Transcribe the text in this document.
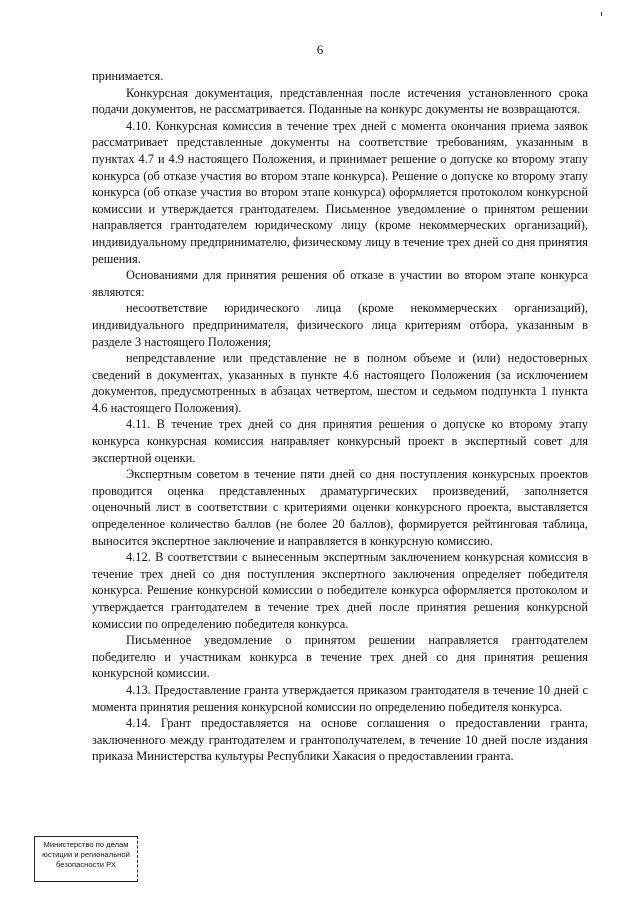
6

принимается.

Конкурсная документация, представленная после истечения установленного срока подачи документов, не рассматривается. Поданные на конкурс документы не возвращаются.

4.10. Конкурсная комиссия в течение трех дней с момента окончания приема заявок рассматривает представленные документы на соответствие требованиям, указанным в пунктах 4.7 и 4.9 настоящего Положения, и принимает решение о допуске ко второму этапу конкурса (об отказе участия во втором этапе конкурса). Решение о допуске ко второму этапу конкурса (об отказе участия во втором этапе конкурса) оформляется протоколом конкурсной комиссии и утверждается грантодателем. Письменное уведомление о принятом решении направляется грантодателем юридическому лицу (кроме некоммерческих организаций), индивидуальному предпринимателю, физическому лицу в течение трех дней со дня принятия решения.

Основаниями для принятия решения об отказе в участии во втором этапе конкурса являются:

несоответствие юридического лица (кроме некоммерческих организаций), индивидуального предпринимателя, физического лица критериям отбора, указанным в разделе 3 настоящего Положения;

непредставление или представление не в полном объеме и (или) недостоверных сведений в документах, указанных в пункте 4.6 настоящего Положения (за исключением документов, предусмотренных в абзацах четвертом, шестом и седьмом подпункта 1 пункта 4.6 настоящего Положения).

4.11. В течение трех дней со дня принятия решения о допуске ко второму этапу конкурса конкурсная комиссия направляет конкурсный проект в экспертный совет для экспертной оценки.

Экспертным советом в течение пяти дней со дня поступления конкурсных проектов проводится оценка представленных драматургических произведений, заполняется оценочный лист в соответствии с критериями оценки конкурсного проекта, выставляется определенное количество баллов (не более 20 баллов), формируется рейтинговая таблица, выносится экспертное заключение и направляется в конкурсную комиссию.

4.12. В соответствии с вынесенным экспертным заключением конкурсная комиссия в течение трех дней со дня поступления экспертного заключения определяет победителя конкурса. Решение конкурсной комиссии о победителе конкурса оформляется протоколом и утверждается грантодателем в течение трех дней после принятия решения конкурсной комиссии по определению победителя конкурса.

Письменное уведомление о принятом решении направляется грантодателем победителю и участникам конкурса в течение трех дней со дня принятия решения конкурсной комиссии.

4.13. Предоставление гранта утверждается приказом грантодателя в течение 10 дней с момента принятия решения конкурсной комиссии по определению победителя конкурса.

4.14. Грант предоставляется на основе соглашения о предоставлении гранта, заключенного между грантодателем и грантополучателем, в течение 10 дней после издания приказа Министерства культуры Республики Хакасия о предоставлении гранта.

Министерство по делам
юстиции и региональной
безопасности РХ
